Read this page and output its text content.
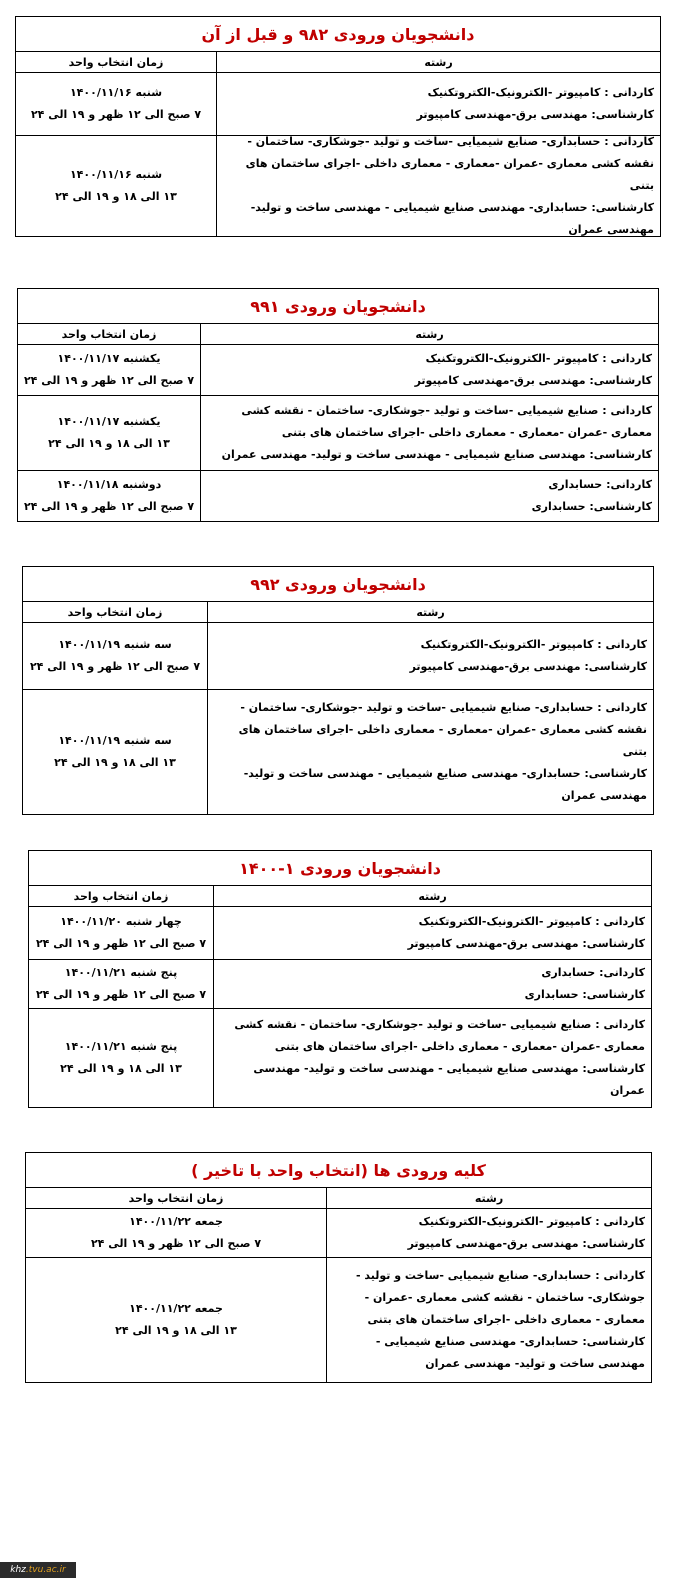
دانشجویان ورودی ۹۸۲ و قبل از آن
رشته
زمان انتخاب واحد
کاردانی : کامپیوتر -الکترونیک-الکتروتکنیک
کارشناسی: مهندسی برق-مهندسی کامپیوتر
شنبه ۱۴۰۰/۱۱/۱۶
۷ صبح الی ۱۲ ظهر و ۱۹ الی ۲۴
کاردانی : حسابداری- صنایع شیمیایی -ساخت و تولید -جوشکاری- ساختمان -
نقشه کشی معماری -عمران -معماری - معماری داخلی -اجرای ساختمان های بتنی
کارشناسی: حسابداری- مهندسی صنایع شیمیایی - مهندسی ساخت و تولید-
مهندسی عمران
شنبه ۱۴۰۰/۱۱/۱۶
۱۳ الی ۱۸ و ۱۹ الی ۲۴
دانشجویان ورودی ۹۹۱
رشته
زمان انتخاب واحد
کاردانی : کامپیوتر -الکترونیک-الکتروتکنیک
کارشناسی: مهندسی برق-مهندسی کامپیوتر
یکشنبه ۱۴۰۰/۱۱/۱۷
۷ صبح الی ۱۲ ظهر و ۱۹ الی ۲۴
کاردانی : صنایع شیمیایی -ساخت و تولید -جوشکاری- ساختمان - نقشه کشی
معماری -عمران -معماری - معماری داخلی -اجرای ساختمان های بتنی
کارشناسی: مهندسی صنایع شیمیایی - مهندسی ساخت و تولید- مهندسی عمران
یکشنبه ۱۴۰۰/۱۱/۱۷
۱۳ الی ۱۸ و ۱۹ الی ۲۴
کاردانی: حسابداری
کارشناسی: حسابداری
دوشنبه ۱۴۰۰/۱۱/۱۸
۷ صبح الی ۱۲ ظهر و ۱۹ الی ۲۴
دانشجویان ورودی ۹۹۲
رشته
زمان انتخاب واحد
کاردانی : کامپیوتر -الکترونیک-الکتروتکنیک
کارشناسی: مهندسی برق-مهندسی کامپیوتر
سه شنبه ۱۴۰۰/۱۱/۱۹
۷ صبح الی ۱۲ ظهر و ۱۹ الی ۲۴
کاردانی : حسابداری- صنایع شیمیایی -ساخت و تولید -جوشکاری- ساختمان -
نقشه کشی معماری -عمران -معماری - معماری داخلی -اجرای ساختمان های
بتنی
کارشناسی: حسابداری- مهندسی صنایع شیمیایی - مهندسی ساخت و تولید-
مهندسی عمران
سه شنبه ۱۴۰۰/۱۱/۱۹
۱۳ الی ۱۸ و ۱۹ الی ۲۴
دانشجویان ورودی ۱-۱۴۰۰
رشته
زمان انتخاب واحد
کاردانی : کامپیوتر -الکترونیک-الکتروتکنیک
کارشناسی: مهندسی برق-مهندسی کامپیوتر
چهار شنبه ۱۴۰۰/۱۱/۲۰
۷ صبح الی ۱۲ ظهر و ۱۹ الی ۲۴
کاردانی: حسابداری
کارشناسی: حسابداری
پنج شنبه ۱۴۰۰/۱۱/۲۱
۷ صبح الی ۱۲ ظهر و ۱۹ الی ۲۴
کاردانی : صنایع شیمیایی -ساخت و تولید -جوشکاری- ساختمان - نقشه کشی
معماری -عمران -معماری - معماری داخلی -اجرای ساختمان های بتنی
کارشناسی: مهندسی صنایع شیمیایی - مهندسی ساخت و تولید- مهندسی
عمران
پنج شنبه ۱۴۰۰/۱۱/۲۱
۱۳ الی ۱۸ و ۱۹ الی ۲۴
کلیه ورودی ها (انتخاب واحد با تاخیر )
رشته
زمان انتخاب واحد
کاردانی : کامپیوتر -الکترونیک-الکتروتکنیک
کارشناسی: مهندسی برق-مهندسی کامپیوتر
جمعه ۱۴۰۰/۱۱/۲۲
۷ صبح الی ۱۲ ظهر و ۱۹ الی ۲۴
کاردانی : حسابداری- صنایع شیمیایی -ساخت و تولید -
جوشکاری- ساختمان - نقشه کشی معماری -عمران -
معماری - معماری داخلی -اجرای ساختمان های بتنی
کارشناسی: حسابداری- مهندسی صنایع شیمیایی -
مهندسی ساخت و تولید- مهندسی عمران
جمعه ۱۴۰۰/۱۱/۲۲
۱۳ الی ۱۸ و ۱۹ الی ۲۴
khz .tvu.ac.ir
